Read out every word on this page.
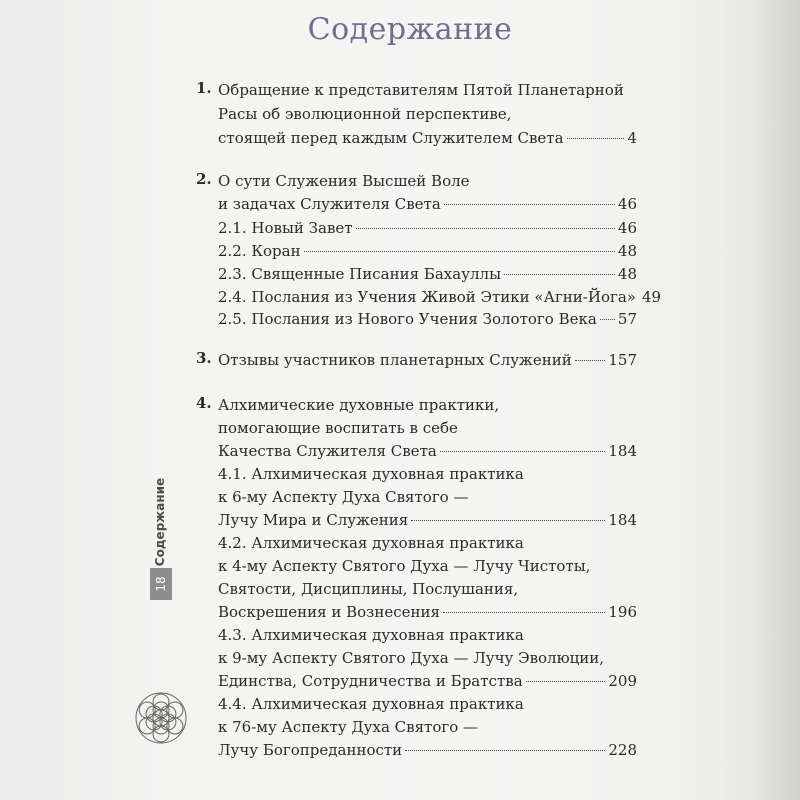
Содержание
1. Обращение к представителям Пятой Планетарной
Расы об эволюционной перспективе,
стоящей перед каждым Служителем Света	4
2. О сути Служения Высшей Воле
и задачах Служителя Света	46
2.1. Новый Завет	46
2.2. Коран	48
2.3. Священные Писания Бахауллы	48
2.4. Послания из Учения Живой Этики «Агни-Йога» 49
2.5. Послания из Нового Учения Золотого Века 57
3. Отзывы участников планетарных Служений 157
4. Алхимические духовные практики,
помогающие воспитать в себе
Качества Служителя Света	184
4.1. Алхимическая духовная практика
к 6-му Аспекту Духа Святого —
Лучу Мира и Служения	184
4.2. Алхимическая духовная практика
к 4-му Аспекту Святого Духа — Лучу Чистоты,
Святости, Дисциплины, Послушания,
Воскрешения и Вознесения	196
4.3. Алхимическая духовная практика
к 9-му Аспекту Святого Духа — Лучу Эволюции,
Единства, Сотрудничества и Братства	209
4.4. Алхимическая духовная практика
к 76-му Аспекту Духа Святого —
Лучу Богопреданности	228
Содержание
18
